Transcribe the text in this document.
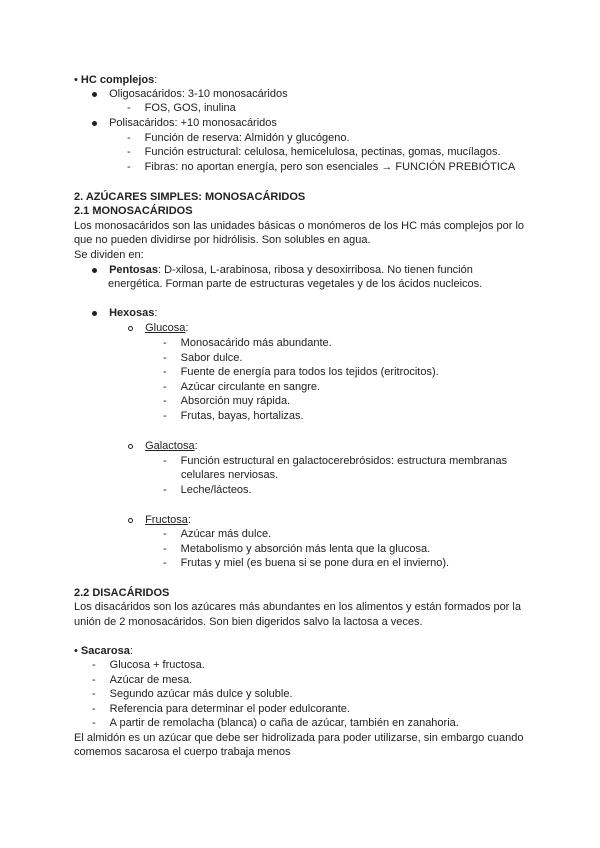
• HC complejos:
Oligosacáridos: 3-10 monosacáridos
- FOS, GOS, inulina
Polisacáridos: +10 monosacáridos
- Función de reserva: Almidón y glucógeno.
- Función estructural: celulosa, hemicelulosa, pectinas, gomas, mucílagos.
- Fibras: no aportan energía, pero son esenciales → FUNCIÓN PREBIÓTICA
2. AZÚCARES SIMPLES: MONOSACÁRIDOS
2.1 MONOSACÁRIDOS
Los monosacáridos son las unidades básicas o monómeros de los HC más complejos por lo
que no pueden dividirse por hidrólisis. Son solubles en agua.
Se dividen en:
Pentosas: D-xilosa, L-arabinosa, ribosa y desoxirribosa. No tienen función
energética. Forman parte de estructuras vegetales y de los ácidos nucleicos.
Hexosas:
Glucosa:
- Monosacárido más abundante.
- Sabor dulce.
- Fuente de energía para todos los tejidos (eritrocitos).
- Azúcar circulante en sangre.
- Absorción muy rápida.
- Frutas, bayas, hortalizas.
Galactosa:
- Función estructural en galactocerebrósidos: estructura membranas
celulares nerviosas.
- Leche/lácteos.
Fructosa:
- Azúcar más dulce.
- Metabolismo y absorción más lenta que la glucosa.
- Frutas y miel (es buena si se pone dura en el invierno).
2.2 DISACÁRIDOS
Los disacáridos son los azúcares más abundantes en los alimentos y están formados por la
unión de 2 monosacáridos. Son bien digeridos salvo la lactosa a veces.
• Sacarosa:
- Glucosa + fructosa.
- Azúcar de mesa.
- Segundo azúcar más dulce y soluble.
- Referencia para determinar el poder edulcorante.
- A partir de remolacha (blanca) o caña de azúcar, también en zanahoria.
El almidón es un azúcar que debe ser hidrolizada para poder utilizarse, sin embargo cuando
comemos sacarosa el cuerpo trabaja menos
